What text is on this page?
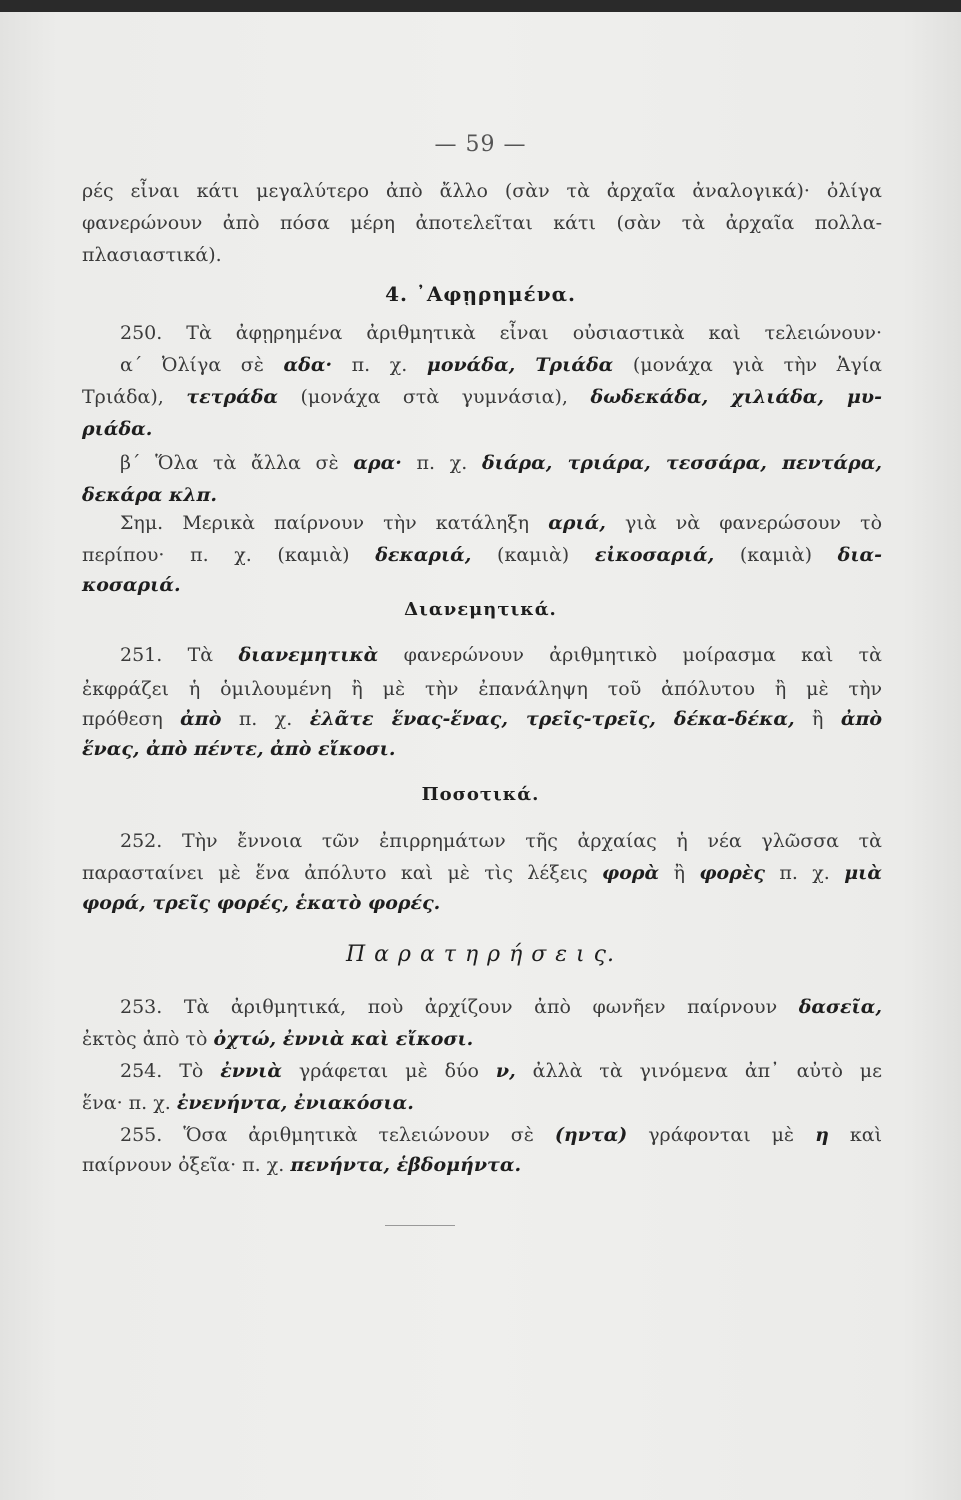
— 59 —
ρές εἶναι κάτι μεγαλύτερο ἀπὸ ἄλλο (σὰν τὰ ἀρχαῖα ἀναλογικά)· ὀλίγα
φανερώνουν ἀπὸ πόσα μέρη ἀποτελεῖται κάτι (σὰν τὰ ἀρχαῖα πολλα-
πλασιαστικά).
4. ᾿Αφῃρημένα.
250. Τὰ ἀφῃρημένα ἀριθμητικὰ εἶναι οὐσιαστικὰ καὶ τελειώνουν·
α´ Ὀλίγα σὲ αδα· π. χ. μονάδα, Τριάδα (μονάχα γιὰ τὴν Ἁγία
Τριάδα), τετράδα (μονάχα στὰ γυμνάσια), δωδεκάδα, χιλιάδα, μυ-
ριάδα.
β´ Ὅλα τὰ ἄλλα σὲ αρα· π. χ. διάρα, τριάρα, τεσσάρα, πεντάρα,
δεκάρα κλπ.
Σημ. Μερικὰ παίρνουν τὴν κατάληξη αριά, γιὰ νὰ φανερώσουν τὸ
περίπου· π. χ. (καμιὰ) δεκαριά, (καμιὰ) εἰκοσαριά, (καμιὰ) δια-
κοσαριά.
Διανεμητικά.
251. Τὰ διανεμητικὰ φανερώνουν ἀριθμητικὸ μοίρασμα καὶ τὰ
ἐκφράζει ἡ ὁμιλουμένη ἢ μὲ τὴν ἐπανάληψη τοῦ ἀπόλυτου ἢ μὲ τὴν
πρόθεση ἀπὸ π. χ. ἐλᾶτε ἕνας-ἕνας, τρεῖς-τρεῖς, δέκα-δέκα, ἢ ἀπὸ
ἕνας, ἀπὸ πέντε, ἀπὸ εἴκοσι.
Ποσοτικά.
252. Τὴν ἔννοια τῶν ἐπιρρημάτων τῆς ἀρχαίας ἡ νέα γλῶσσα τὰ
παρασταίνει μὲ ἕνα ἀπόλυτο καὶ μὲ τὶς λέξεις φορὰ ἢ φορὲς π. χ. μιὰ
φορά, τρεῖς φορές, ἑκατὸ φορές.
Π α ρ α τ η ρ ή σ ε ι ς.
253. Τὰ ἀριθμητικά, ποὺ ἀρχίζουν ἀπὸ φωνῆεν παίρνουν δασεῖα,
ἐκτὸς ἀπὸ τὸ ὀχτώ, ἐννιὰ καὶ εἴκοσι.
254. Τὸ ἐννιὰ γράφεται μὲ δύο ν, ἀλλὰ τὰ γινόμενα ἀπ᾿ αὐτὸ με
ἕνα· π. χ. ἐνενήντα, ἐνιακόσια.
255. Ὅσα ἀριθμητικὰ τελειώνουν σὲ (ηντα) γράφονται μὲ η καὶ
παίρνουν ὀξεῖα· π. χ. πενήντα, ἑβδομήντα.
